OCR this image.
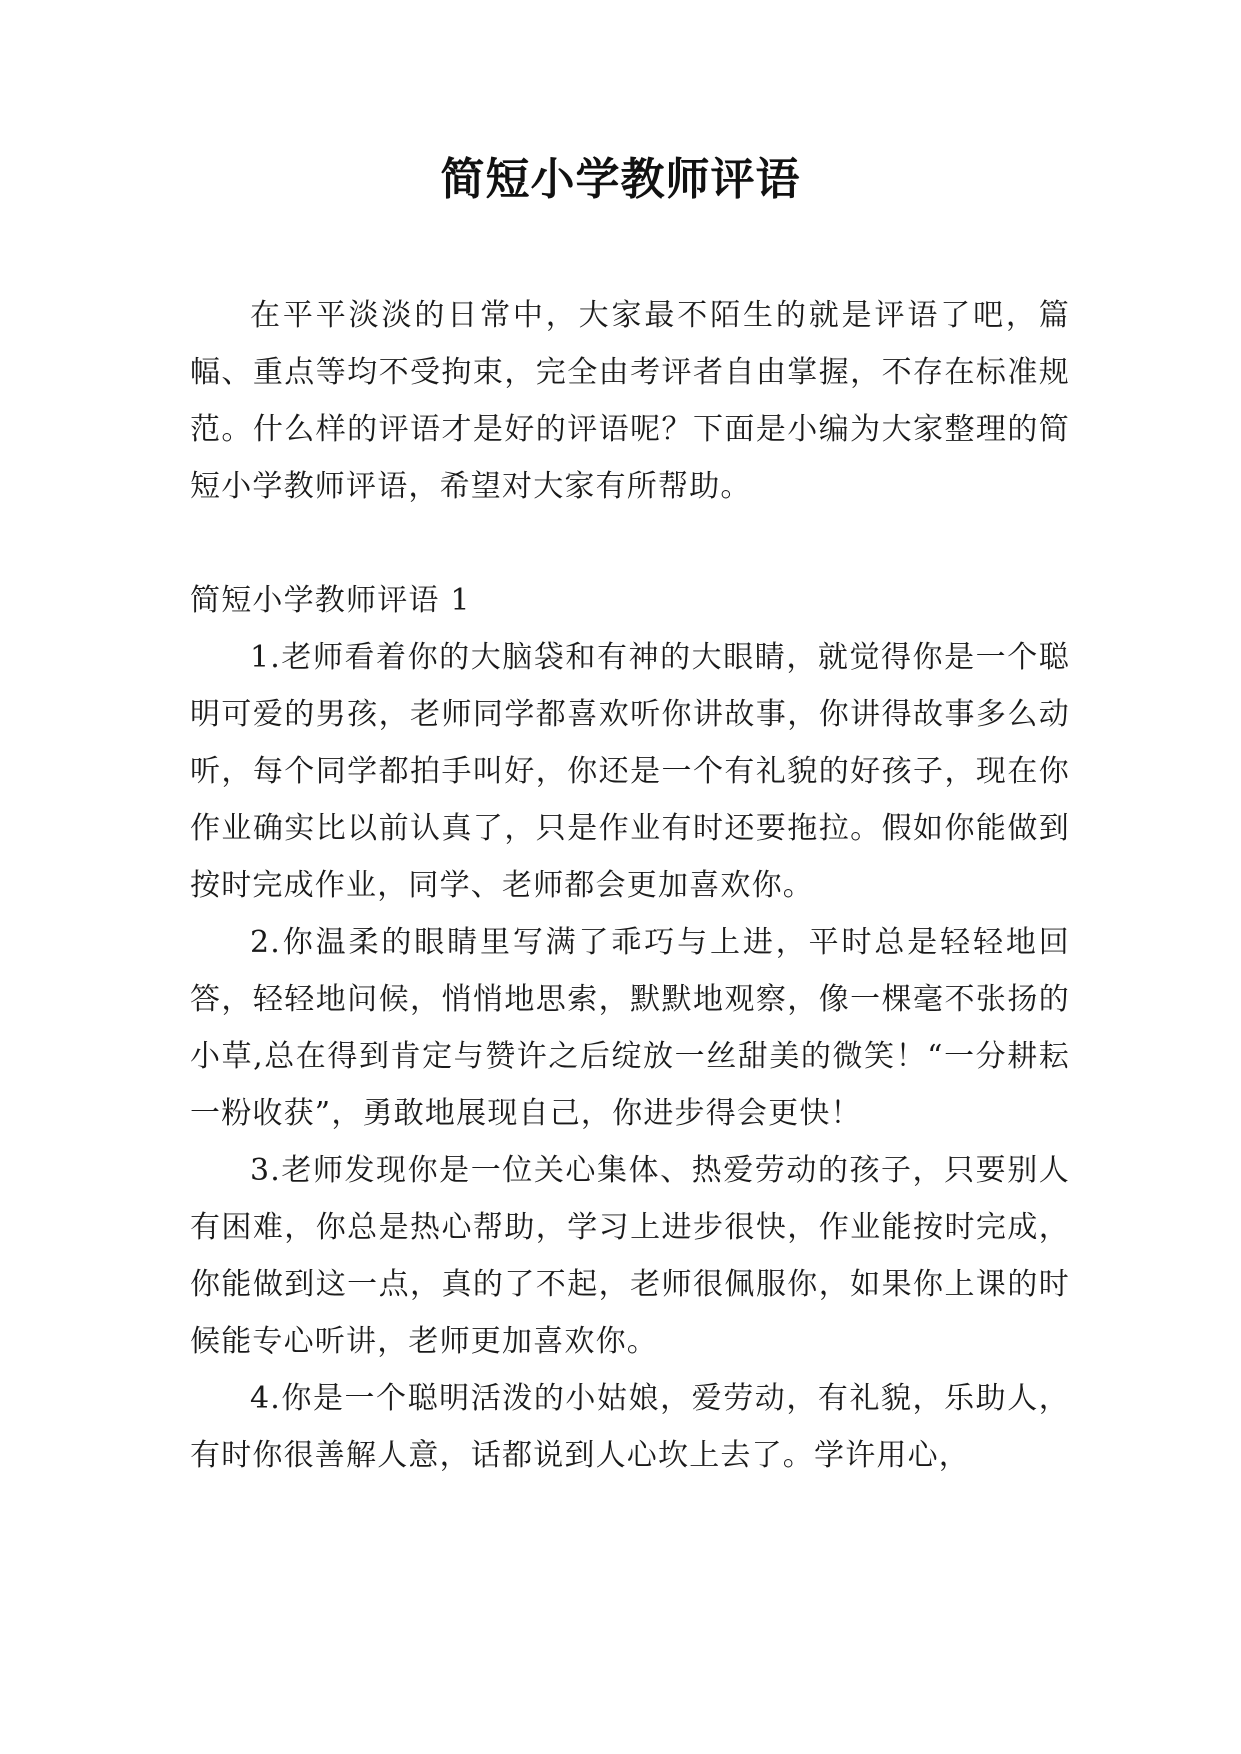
简短小学教师评语

在平平淡淡的日常中，大家最不陌生的就是评语了吧，篇幅、重点等均不受拘束，完全由考评者自由掌握，不存在标准规范。什么样的评语才是好的评语呢？下面是小编为大家整理的简短小学教师评语，希望对大家有所帮助。

简短小学教师评语 1

1.老师看着你的大脑袋和有神的大眼睛，就觉得你是一个聪明可爱的男孩，老师同学都喜欢听你讲故事，你讲得故事多么动听，每个同学都拍手叫好，你还是一个有礼貌的好孩子，现在你作业确实比以前认真了，只是作业有时还要拖拉。假如你能做到按时完成作业，同学、老师都会更加喜欢你。

2.你温柔的眼睛里写满了乖巧与上进，平时总是轻轻地回答，轻轻地问候，悄悄地思索，默默地观察，像一棵毫不张扬的小草,总在得到肯定与赞许之后绽放一丝甜美的微笑！“一分耕耘一粉收获”，勇敢地展现自己，你进步得会更快！

3.老师发现你是一位关心集体、热爱劳动的孩子，只要别人有困难，你总是热心帮助，学习上进步很快，作业能按时完成，你能做到这一点，真的了不起，老师很佩服你，如果你上课的时候能专心听讲，老师更加喜欢你。

4.你是一个聪明活泼的小姑娘，爱劳动，有礼貌，乐助人，有时你很善解人意，话都说到人心坎上去了。学许用心，
